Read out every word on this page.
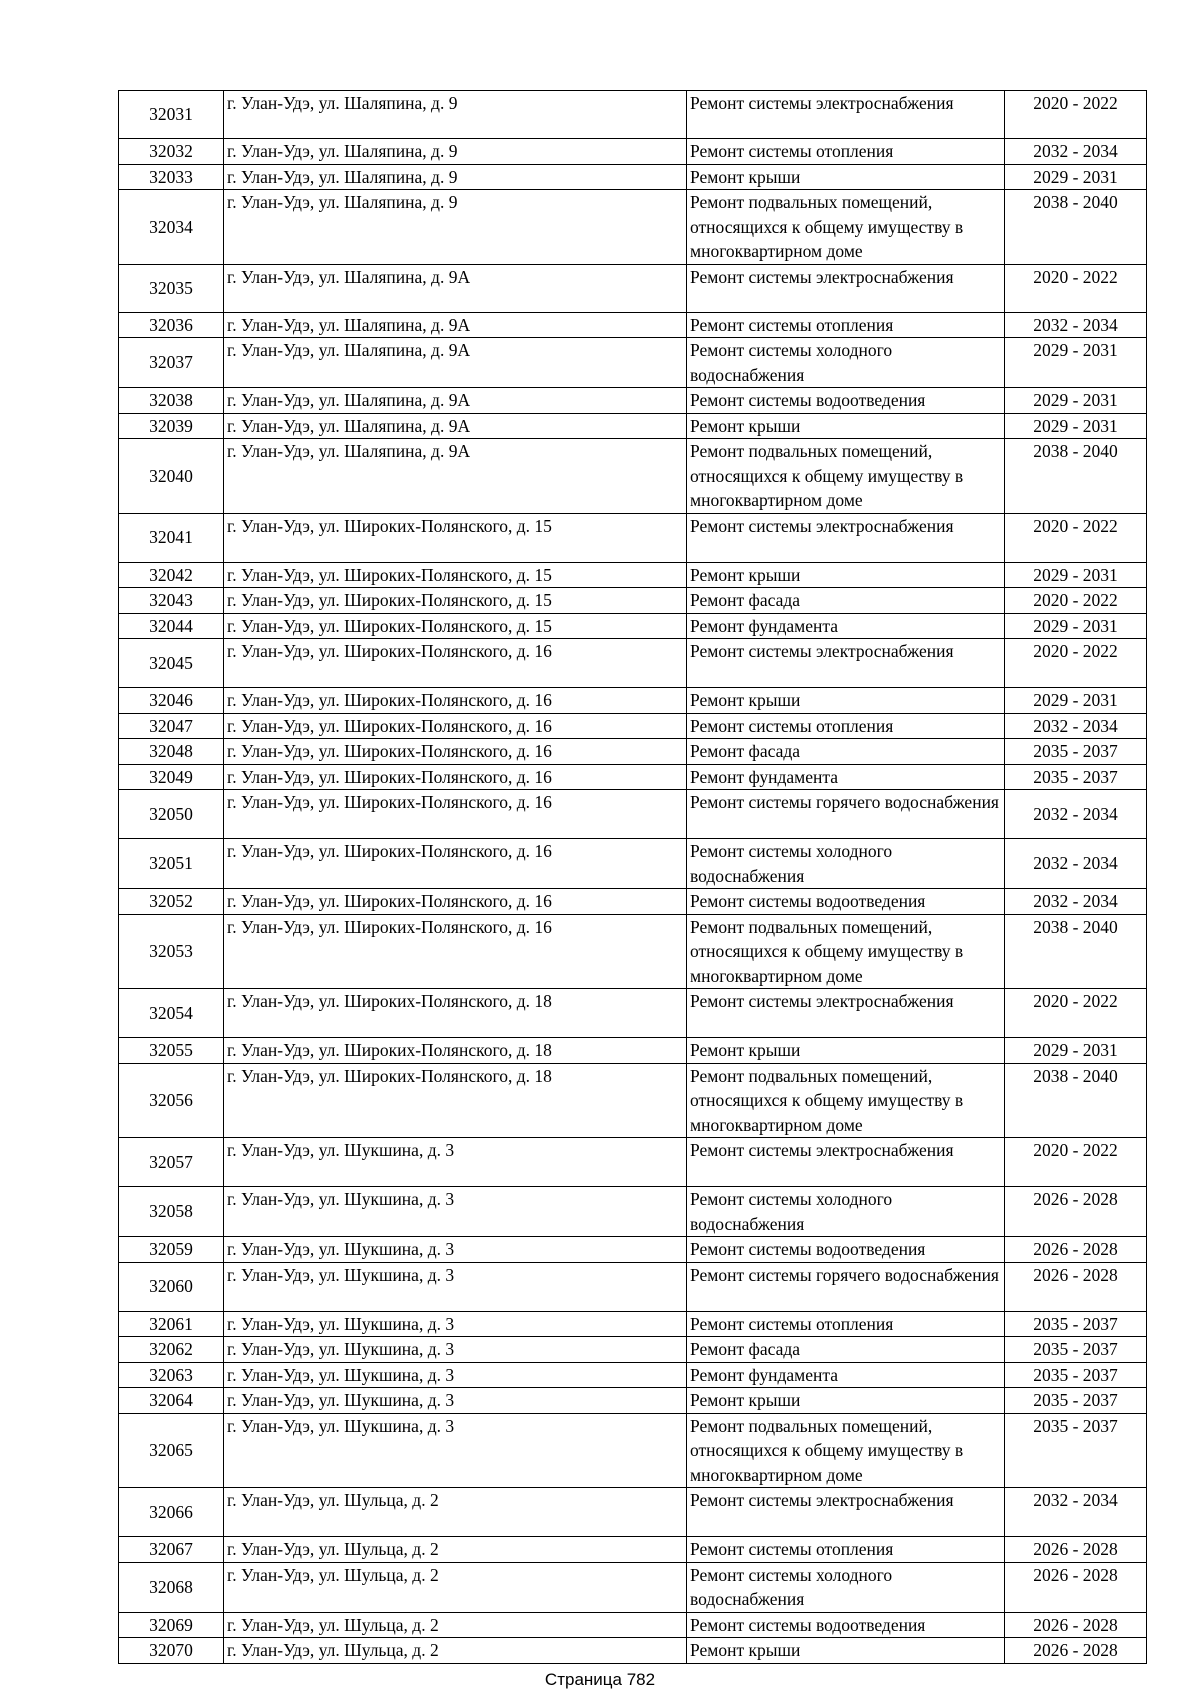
32031	г. Улан-Удэ, ул. Шаляпина, д. 9	Ремонт системы электроснабжения	2020 - 2022
32032	г. Улан-Удэ, ул. Шаляпина, д. 9	Ремонт системы отопления	2032 - 2034
32033	г. Улан-Удэ, ул. Шаляпина, д. 9	Ремонт крыши	2029 - 2031
32034	г. Улан-Удэ, ул. Шаляпина, д. 9	Ремонт подвальных помещений, относящихся к общему имуществу в многоквартирном доме	2038 - 2040
32035	г. Улан-Удэ, ул. Шаляпина, д. 9А	Ремонт системы электроснабжения	2020 - 2022
32036	г. Улан-Удэ, ул. Шаляпина, д. 9А	Ремонт системы отопления	2032 - 2034
32037	г. Улан-Удэ, ул. Шаляпина, д. 9А	Ремонт системы холодного водоснабжения	2029 - 2031
32038	г. Улан-Удэ, ул. Шаляпина, д. 9А	Ремонт системы водоотведения	2029 - 2031
32039	г. Улан-Удэ, ул. Шаляпина, д. 9А	Ремонт крыши	2029 - 2031
32040	г. Улан-Удэ, ул. Шаляпина, д. 9А	Ремонт подвальных помещений, относящихся к общему имуществу в многоквартирном доме	2038 - 2040
32041	г. Улан-Удэ, ул. Широких-Полянского, д. 15	Ремонт системы электроснабжения	2020 - 2022
32042	г. Улан-Удэ, ул. Широких-Полянского, д. 15	Ремонт крыши	2029 - 2031
32043	г. Улан-Удэ, ул. Широких-Полянского, д. 15	Ремонт фасада	2020 - 2022
32044	г. Улан-Удэ, ул. Широких-Полянского, д. 15	Ремонт фундамента	2029 - 2031
32045	г. Улан-Удэ, ул. Широких-Полянского, д. 16	Ремонт системы электроснабжения	2020 - 2022
32046	г. Улан-Удэ, ул. Широких-Полянского, д. 16	Ремонт крыши	2029 - 2031
32047	г. Улан-Удэ, ул. Широких-Полянского, д. 16	Ремонт системы отопления	2032 - 2034
32048	г. Улан-Удэ, ул. Широких-Полянского, д. 16	Ремонт фасада	2035 - 2037
32049	г. Улан-Удэ, ул. Широких-Полянского, д. 16	Ремонт фундамента	2035 - 2037
32050	г. Улан-Удэ, ул. Широких-Полянского, д. 16	Ремонт системы горячего водоснабжения	2032 - 2034
32051	г. Улан-Удэ, ул. Широких-Полянского, д. 16	Ремонт системы холодного водоснабжения	2032 - 2034
32052	г. Улан-Удэ, ул. Широких-Полянского, д. 16	Ремонт системы водоотведения	2032 - 2034
32053	г. Улан-Удэ, ул. Широких-Полянского, д. 16	Ремонт подвальных помещений, относящихся к общему имуществу в многоквартирном доме	2038 - 2040
32054	г. Улан-Удэ, ул. Широких-Полянского, д. 18	Ремонт системы электроснабжения	2020 - 2022
32055	г. Улан-Удэ, ул. Широких-Полянского, д. 18	Ремонт крыши	2029 - 2031
32056	г. Улан-Удэ, ул. Широких-Полянского, д. 18	Ремонт подвальных помещений, относящихся к общему имуществу в многоквартирном доме	2038 - 2040
32057	г. Улан-Удэ, ул. Шукшина, д. 3	Ремонт системы электроснабжения	2020 - 2022
32058	г. Улан-Удэ, ул. Шукшина, д. 3	Ремонт системы холодного водоснабжения	2026 - 2028
32059	г. Улан-Удэ, ул. Шукшина, д. 3	Ремонт системы водоотведения	2026 - 2028
32060	г. Улан-Удэ, ул. Шукшина, д. 3	Ремонт системы горячего водоснабжения	2026 - 2028
32061	г. Улан-Удэ, ул. Шукшина, д. 3	Ремонт системы отопления	2035 - 2037
32062	г. Улан-Удэ, ул. Шукшина, д. 3	Ремонт фасада	2035 - 2037
32063	г. Улан-Удэ, ул. Шукшина, д. 3	Ремонт фундамента	2035 - 2037
32064	г. Улан-Удэ, ул. Шукшина, д. 3	Ремонт крыши	2035 - 2037
32065	г. Улан-Удэ, ул. Шукшина, д. 3	Ремонт подвальных помещений, относящихся к общему имуществу в многоквартирном доме	2035 - 2037
32066	г. Улан-Удэ, ул. Шульца, д. 2	Ремонт системы электроснабжения	2032 - 2034
32067	г. Улан-Удэ, ул. Шульца, д. 2	Ремонт системы отопления	2026 - 2028
32068	г. Улан-Удэ, ул. Шульца, д. 2	Ремонт системы холодного водоснабжения	2026 - 2028
32069	г. Улан-Удэ, ул. Шульца, д. 2	Ремонт системы водоотведения	2026 - 2028
32070	г. Улан-Удэ, ул. Шульца, д. 2	Ремонт крыши	2026 - 2028
Страница 782
